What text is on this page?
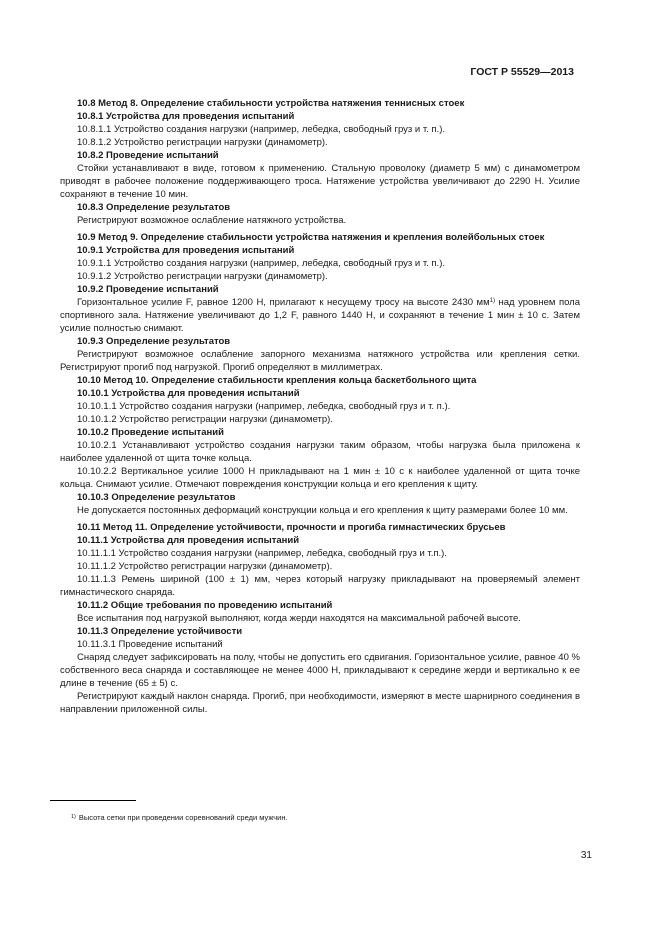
ГОСТ Р 55529—2013

10.8 Метод 8. Определение стабильности устройства натяжения теннисных стоек

10.8.1 Устройства для проведения испытаний

10.8.1.1 Устройство создания нагрузки (например, лебедка, свободный груз и т. п.).

10.8.1.2 Устройство регистрации нагрузки (динамометр).

10.8.2 Проведение испытаний

Стойки устанавливают в виде, готовом к применению. Стальную проволоку (диаметр 5 мм) с динамометром приводят в рабочее положение поддерживающего троса. Натяжение устройства увеличивают до 2290 Н. Усилие сохраняют в течение 10 мин.

10.8.3 Определение результатов

Регистрируют возможное ослабление натяжного устройства.

10.9 Метод 9. Определение стабильности устройства натяжения и крепления волейбольных стоек

10.9.1 Устройства для проведения испытаний

10.9.1.1 Устройство создания нагрузки (например, лебедка, свободный груз и т. п.).

10.9.1.2 Устройство регистрации нагрузки (динамометр).

10.9.2 Проведение испытаний

Горизонтальное усилие F, равное 1200 Н, прилагают к несущему тросу на высоте 2430 $мм^{1)}$ над уровнем пола спортивного зала. Натяжение увеличивают до 1,2 F, равного 1440 Н, и сохраняют в течение 1 мин ± 10 с. Затем усилие полностью снимают.

10.9.3 Определение результатов

Регистрируют возможное ослабление запорного механизма натяжного устройства или крепления сетки. Регистрируют прогиб под нагрузкой. Прогиб определяют в миллиметрах.

10.10 Метод 10. Определение стабильности крепления кольца баскетбольного щита

10.10.1 Устройства для проведения испытаний

10.10.1.1 Устройство создания нагрузки (например, лебедка, свободный груз и т. п.).

10.10.1.2 Устройство регистрации нагрузки (динамометр).

10.10.2 Проведение испытаний

10.10.2.1 Устанавливают устройство создания нагрузки таким образом, чтобы нагрузка была приложена к наиболее удаленной от щита точке кольца.

10.10.2.2 Вертикальное усилие 1000 Н прикладывают на 1 мин ± 10 с к наиболее удаленной от щита точке кольца. Снимают усилие. Отмечают повреждения конструкции кольца и его крепления к щиту.

10.10.3 Определение результатов

Не допускается постоянных деформаций конструкции кольца и его крепления к щиту размерами более 10 мм.

10.11 Метод 11. Определение устойчивости, прочности и прогиба гимнастических брусьев

10.11.1 Устройства для проведения испытаний

10.11.1.1 Устройство создания нагрузки (например, лебедка, свободный груз и т.п.).

10.11.1.2 Устройство регистрации нагрузки (динамометр).

10.11.1.3 Ремень шириной (100 ± 1) мм, через который нагрузку прикладывают на проверяемый элемент гимнастического снаряда.

10.11.2 Общие требования по проведению испытаний

Все испытания под нагрузкой выполняют, когда жерди находятся на максимальной рабочей высоте.

10.11.3 Определение устойчивости

10.11.3.1 Проведение испытаний

Снаряд следует зафиксировать на полу, чтобы не допустить его сдвигания. Горизонтальное усилие, равное 40 % собственного веса снаряда и составляющее не менее 4000 Н, прикладывают к середине жерди и вертикально к ее длине в течение (65 ± 5) с.

Регистрируют каждый наклон снаряда. Прогиб, при необходимости, измеряют в месте шарнирного соединения в направлении приложенной силы.

$^{1)}$ Высота сетки при проведении соревнований среди мужчин.
31
